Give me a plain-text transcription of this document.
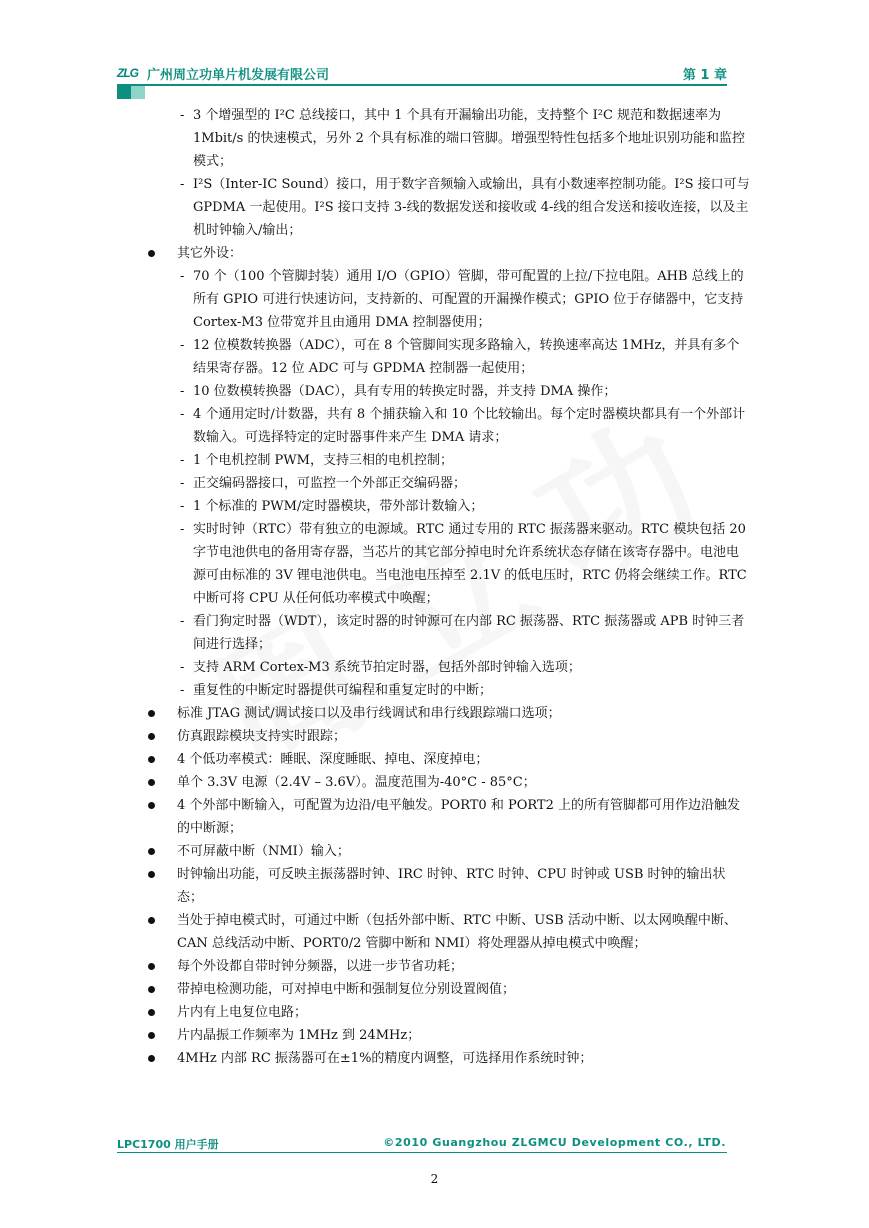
ZLG 广州周立功单片机发展有限公司	第 1 章
- 3 个增强型的 I²C 总线接口，其中 1 个具有开漏输出功能，支持整个 I²C 规范和数据速率为 1Mbit/s 的快速模式，另外 2 个具有标准的端口管脚。增强型特性包括多个地址识别功能和监控模式；
- I²S（Inter-IC Sound）接口，用于数字音频输入或输出，具有小数速率控制功能。I²S 接口可与 GPDMA 一起使用。I²S 接口支持 3-线的数据发送和接收或 4-线的组合发送和接收连接，以及主机时钟输入/输出；
其它外设：
- 70 个（100 个管脚封装）通用 I/O（GPIO）管脚，带可配置的上拉/下拉电阻。AHB 总线上的所有 GPIO 可进行快速访问，支持新的、可配置的开漏操作模式；GPIO 位于存储器中，它支持 Cortex-M3 位带宽并且由通用 DMA 控制器使用；
- 12 位模数转换器（ADC），可在 8 个管脚间实现多路输入，转换速率高达 1MHz，并具有多个结果寄存器。12 位 ADC 可与 GPDMA 控制器一起使用；
- 10 位数模转换器（DAC），具有专用的转换定时器，并支持 DMA 操作；
- 4 个通用定时/计数器，共有 8 个捕获输入和 10 个比较输出。每个定时器模块都具有一个外部计数输入。可选择特定的定时器事件来产生 DMA 请求；
- 1 个电机控制 PWM，支持三相的电机控制；
- 正交编码器接口，可监控一个外部正交编码器；
- 1 个标准的 PWM/定时器模块，带外部计数输入；
- 实时时钟（RTC）带有独立的电源域。RTC 通过专用的 RTC 振荡器来驱动。RTC 模块包括 20 字节电池供电的备用寄存器，当芯片的其它部分掉电时允许系统状态存储在该寄存器中。电池电源可由标准的 3V 锂电池供电。当电池电压掉至 2.1V 的低电压时，RTC 仍将会继续工作。RTC 中断可将 CPU 从任何低功率模式中唤醒；
- 看门狗定时器（WDT），该定时器的时钟源可在内部 RC 振荡器、RTC 振荡器或 APB 时钟三者间进行选择；
- 支持 ARM Cortex-M3 系统节拍定时器，包括外部时钟输入选项；
- 重复性的中断定时器提供可编程和重复定时的中断；
标准 JTAG 测试/调试接口以及串行线调试和串行线跟踪端口选项；
仿真跟踪模块支持实时跟踪；
4 个低功率模式：睡眠、深度睡眠、掉电、深度掉电；
单个 3.3V 电源（2.4V – 3.6V）。温度范围为-40°C - 85°C；
4 个外部中断输入，可配置为边沿/电平触发。PORT0 和 PORT2 上的所有管脚都可用作边沿触发的中断源；
不可屏蔽中断（NMI）输入；
时钟输出功能，可反映主振荡器时钟、IRC 时钟、RTC 时钟、CPU 时钟或 USB 时钟的输出状态；
当处于掉电模式时，可通过中断（包括外部中断、RTC 中断、USB 活动中断、以太网唤醒中断、CAN 总线活动中断、PORT0/2 管脚中断和 NMI）将处理器从掉电模式中唤醒；
每个外设都自带时钟分频器，以进一步节省功耗；
带掉电检测功能，可对掉电中断和强制复位分别设置阀值；
片内有上电复位电路；
片内晶振工作频率为 1MHz 到 24MHz；
4MHz 内部 RC 振荡器可在±1%的精度内调整，可选择用作系统时钟；
LPC1700 用户手册	©2010 Guangzhou ZLGMCU Development CO., LTD.
2
